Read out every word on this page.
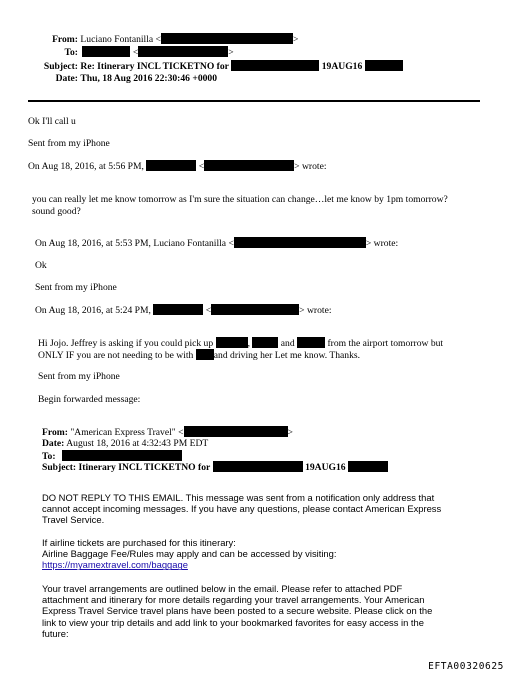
From: Luciano Fontanilla <	>
To:	<	>
Subject: Re: Itinerary INCL TICKETNO for	19AUG16
Date: Thu, 18 Aug 2016 22:30:46 +0000
Ok I'll call u
Sent from my iPhone
On Aug 18, 2016, at 5:56 PM,	<	> wrote:
you can really let me know tomorrow as I'm sure the situation can change…let me know by 1pm tomorrow?
sound good?
On Aug 18, 2016, at 5:53 PM, Luciano Fontanilla <	> wrote:
Ok
Sent from my iPhone
On Aug 18, 2016, at 5:24 PM,	<	> wrote:
Hi Jojo. Jeffrey is asking if you could pick up	,	and	from the airport tomorrow but
ONLY IF you are not needing to be with and driving her Let me know. Thanks.
Sent from my iPhone
Begin forwarded message:
From: "American Express Travel" <	>
Date: August 18, 2016 at 4:32:43 PM EDT
To:
Subject: Itinerary INCL TICKETNO for	19AUG16
DO NOT REPLY TO THIS EMAIL. This message was sent from a notification only address that
cannot accept incoming messages. If you have any questions, please contact American Express
Travel Service.
If airline tickets are purchased for this itinerary:
Airline Baggage Fee/Rules may apply and can be accessed by visiting:
https://myamextravel.com/baggage
Your travel arrangements are outlined below in the email. Please refer to attached PDF
attachment and itinerary for more details regarding your travel arrangements. Your American
Express Travel Service travel plans have been posted to a secure website. Please click on the
link to view your trip details and add link to your bookmarked favorites for easy access in the
future:
EFTA00320625
